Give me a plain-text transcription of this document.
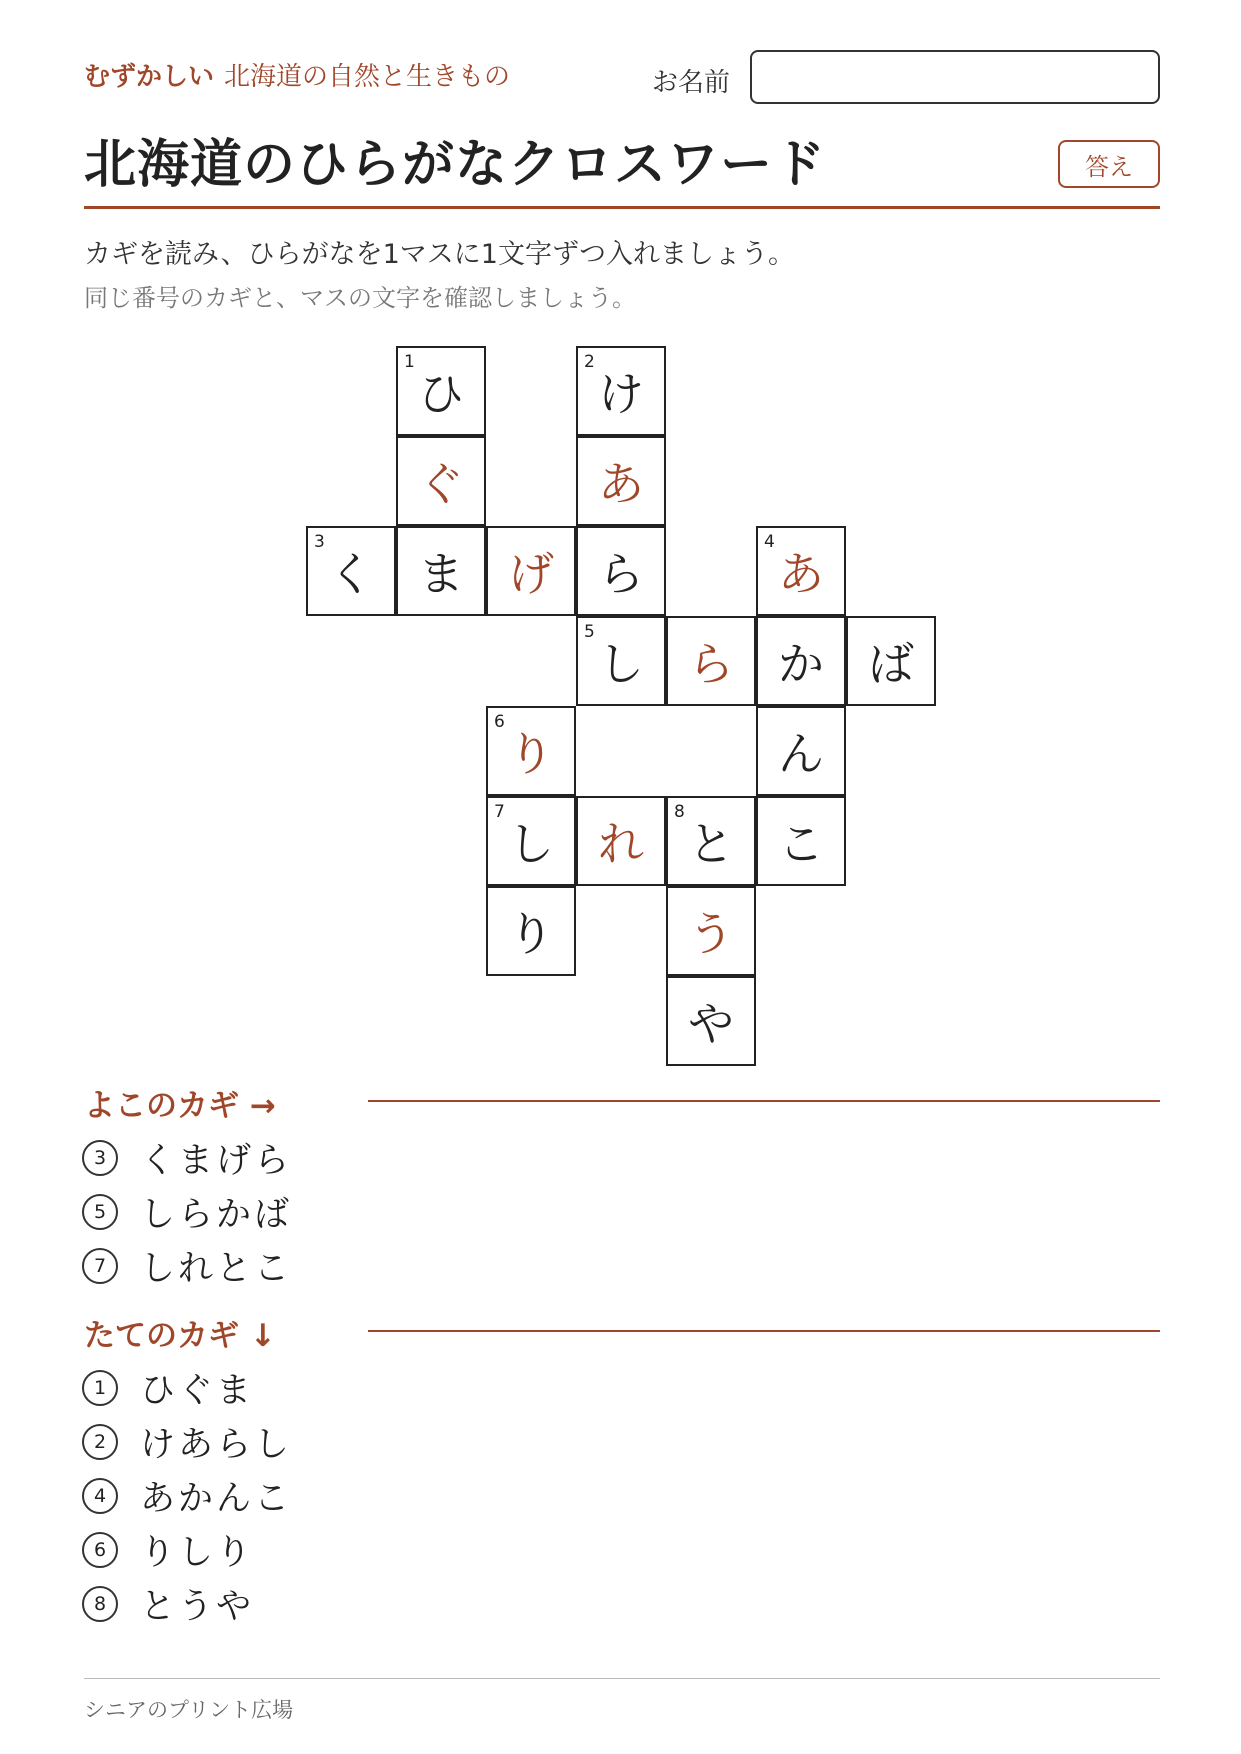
むずかしい 北海道の自然と生きもの	お名前
北海道のひらがなクロスワード	答え
カギを読み、ひらがなを1マスに1文字ずつ入れましょう。
同じ番号のカギと、マスの文字を確認しましょう。
1
ひ
2
け
ぐ	あ
3
く ま げ ら
4
あ
5
し ら か ば
6
り	ん
7
し れ
8
と こ
り	う
や
よこのカギ →
3 くまげら
5 しらかば
7 しれとこ
たてのカギ ↓
1 ひぐま
2 けあらし
4 あかんこ
6 りしり
8 とうや
シニアのプリント広場
